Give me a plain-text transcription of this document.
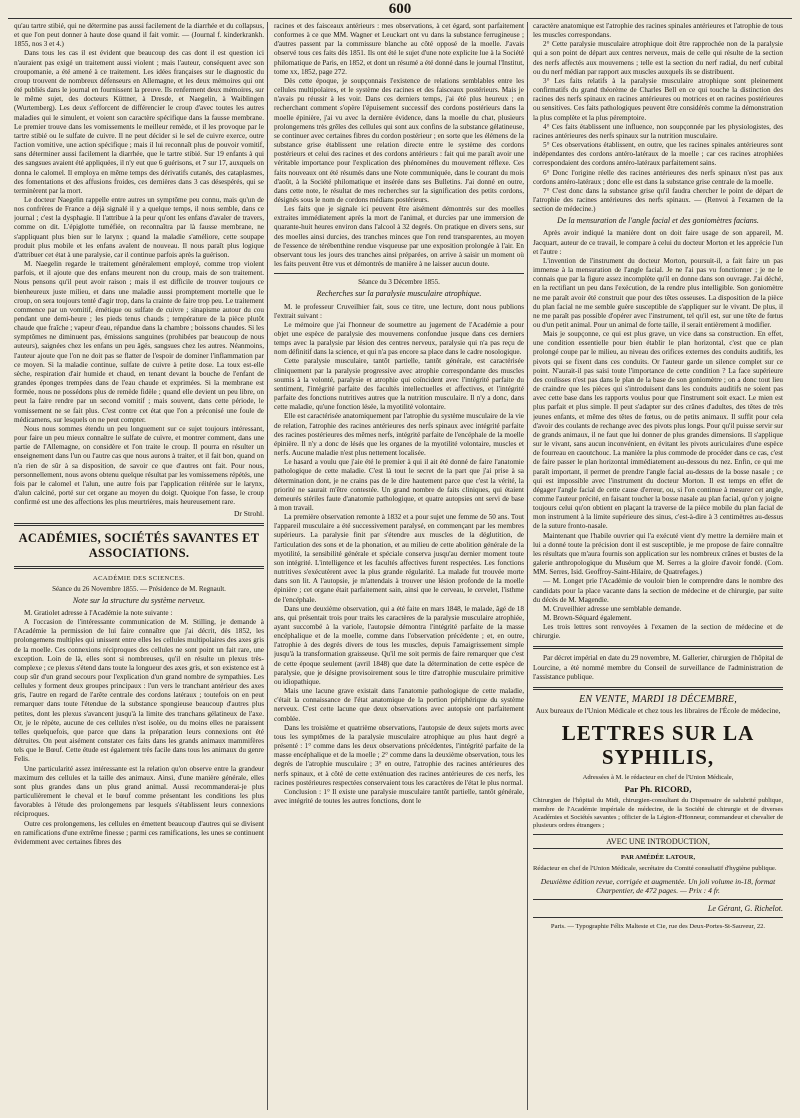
600

qu'au tartre stibié, qui ne détermine pas aussi facilement de la diarrhée et du collapsus, et que l'on peut donner à haute dose quand il fait vomir. — (Journal f. kinderkrankh. 1855, nos 3 et 4.)

Dans tous les cas il est évident que beaucoup des cas dont il est question ici n'auraient pas exigé un traitement aussi violent ; mais l'auteur, conséquent avec son croupomanie, a été amené à ce traitement. Les idées françaises sur le diagnostic du croup trouvent de nombreux défenseurs en Allemagne, et les deux mémoires qui ont été publiés dans le journal en fournissent la preuve. Ils renferment deux mémoires, sur le même sujet, des docteurs Küttner, à Dresde, et Naegelin, à Waiblingen (Wurtemberg). Les deux s'efforcent de différencier le croup d'avec toutes les autres maladies qui le simulent, et voient son caractère spécifique dans la fausse membrane. Le premier trouve dans les vomissements le meilleur remède, et il les provoque par le tartre stibié ou le sulfate de cuivre. Il ne peut décider si le sel de cuivre exerce, outre l'action vomitive, une action spécifique ; mais il lui reconnaît plus de pouvoir vomitif, sans déterminer aussi facilement la diarrhée, que le tartre stibié. Sur 19 enfants à qui des sangsues avaient été appliquées, il n'y eut que 6 guérisons, et 7 sur 17, auxquels on donna le calomel. Il employa en même temps des dérivatifs cutanés, des cataplasmes, des fomentations et des affusions froides, ces dernières dans 3 cas désespérés, qui se terminèrent par la mort.

Le docteur Naegelin rappelle entre autres un symptôme peu connu, mais qu'un de nos confrères de France a déjà signalé il y a quelque temps, il nous semble, dans ce journal ; c'est la dysphagie. Il l'attribue à la peur qu'ont les enfans d'avaler de travers, comme on dit. L'épiglotte tuméfiée, on reconnaîtra par là fausse membrane, ne s'appliquant plus bien sur le larynx ; quand la maladie s'améliore, cette soupape produit plus mobile et les enfans avalent de nouveau. Il nous paraît plus logique d'attribuer cet état à une paralysie, car il continue parfois après la guérison.

M. Naegelin regarde le traitement généralement employé, comme trop violent parfois, et il ajoute que des enfans meurent non du croup, mais de son traitement. Nous pensons qu'il peut avoir raison ; mais il est difficile de trouver toujours ce bienheureux juste milieu, et dans une maladie aussi promptement mortelle que le croup, on sera toujours tenté d'agir trop, dans la crainte de faire trop peu. Le traitement commence par un vomitif, émétique ou sulfate de cuivre ; sinapisme autour du cou pendant une demi-heure ; les pieds tenus chauds ; température de la pièce plutôt chaude que fraîche ; vapeur d'eau, répandue dans la chambre ; boissons chaudes. Si les symptômes ne diminuent pas, émissions sanguines (prohibées par beaucoup de nous auteurs), saignées chez les enfans un peu âgés, sangsues chez les autres. Néanmoins, l'auteur ajoute que l'on ne doit pas se flatter de l'espoir de dominer l'inflammation par ce moyen. Si la maladie continue, sulfate de cuivre à petite dose. La toux est-elle sèche, respiration d'air humide et chaud, en tenant devant la bouche de l'enfant de grandes éponges trempées dans de l'eau chaude et exprimées. Si la membrane est formée, nous ne possédons plus de remède fidèle ; quand elle devient un peu libre, on peut la faire rendre par un second vomitif ; mais souvent, dans cette période, le vomissement ne se fait plus. C'est contre cet état que l'on a préconisé une foule de médicamens, sur lesquels on ne peut compter.

Nous nous sommes étendu un peu longuement sur ce sujet toujours intéressant, pour faire un peu mieux connaître le sulfate de cuivre, et montrer comment, dans une partie de l'Allemagne, on considère et l'on traite le croup. Il pourra en résulter un enseignement dans l'un ou l'autre cas que nous aurons à traiter, et il fait bon, quand on n'a rien de sûr à sa disposition, de savoir ce que d'autres ont fait. Pour nous, personnellement, nous avons obtenu quelque résultat par les vomissemens répétés, une fois par le calomel et l'alun, une autre fois par l'application réitérée sur le larynx, d'alun calciné, porté sur cet organe au moyen du doigt. Quoique l'on fasse, le croup confirmé est une des affections les plus meurtrières, mais heureusement rare.

Dr Strohl.
ACADÉMIES, SOCIÉTÉS SAVANTES ET ASSOCIATIONS.
ACADÉMIE DES SCIENCES.
Séance du 26 Novembre 1855. — Présidence de M. Regnault.
Note sur la structure du système nerveux.

M. Gratiolet adresse à l'Académie la note suivante :

A l'occasion de l'intéressante communication de M. Stilling, je demande à l'Académie la permission de lui faire connaître que j'ai décrit, dès 1852, les prolongemens multiples qui unissent entre elles les cellules multipolaires des axes gris de la moelle. Ces connexions réciproques des cellules ne sont point un fait rare, une exception. Loin de là, elles sont si nombreuses, qu'il en résulte un plexus très-complexe ; ce plexus s'étend dans toute la longueur des axes gris, et son existence est à coup sûr d'un grand secours pour l'explication d'un grand nombre de sympathies. Les cellules y forment deux groupes principaux : l'un vers le tranchant antérieur des axes gris, l'autre en regard de l'arête centrale des cordons latéraux ; toutefois on en peut remarquer dans toute l'étendue de la substance spongieuse beaucoup d'autres plus petites, dont les plexus s'avancent jusqu'à la limite des tranchans gélatineux de l'axe. Or, je le répète, aucune de ces cellules n'est isolée, ou du moins elles ne paraissent telles quelquefois, que parce que dans la préparation leurs connexions ont été détruites. On peut aisément constater ces faits dans les grands animaux mammifères tels que le Bœuf. Cette étude est également très facile dans tous les animaux du genre Felis.

Une particularité assez intéressante est la relation qu'on observe entre la grandeur maximum des cellules et la taille des animaux. Ainsi, d'une manière générale, elles sont plus grandes dans un plus grand animal. Aussi recommanderai-je plus particulièrement le cheval et le bœuf comme présentant les conditions les plus favorables à l'étude des prolongemens par lesquels s'établissent leurs connexions réciproques.

Outre ces prolongemens, les cellules en émettent beaucoup d'autres qui se divisent en ramifications d'une extrême finesse ; parmi ces ramifications, les unes se continuent évidemment avec certaines fibres des

racines et des faisceaux antérieurs : mes observations, à cet égard, sont parfaitement conformes à ce que MM. Wagner et Leuckart ont vu dans la substance ferrugineuse ; d'autres passent par la commissure blanche au côté opposé de la moelle. J'avais observé tous ces faits dès 1851. Ils ont été le sujet d'une note explicite lue à la Société philomatique de Paris, en 1852, et dont un résumé a été donné dans le journal l'Institut, tome xx, 1852, page 272.

Dès cette époque, je soupçonnais l'existence de relations semblables entre les cellules multipolaires, et le système des racines et des faisceaux postérieurs. Mais je n'avais pu réussir à les voir. Dans ces derniers temps, j'ai été plus heureux ; en recherchant comment s'opère l'épuisement successif des cordons postérieurs dans la moelle épinière, j'ai vu avec la dernière évidence, dans la moelle du chat, plusieurs prolongemens très grêles des cellules qui sont aux confins de la substance gélatineuse, se continuer avec certaines fibres du cordon postérieur ; en sorte que les élémens de la substance grise établissent une relation directe entre le système des cordons postérieurs et celui des racines et des cordons antérieurs : fait qui me paraît avoir une véritable importance pour l'explication des phénomènes du mouvement réflexe. Ces faits nouveaux ont été résumés dans une Note communiquée, dans le courant du mois d'août, à la Société philomatique et insérée dans ses Bulletins. J'ai donné en outre, dans cette note, le résultat de mes recherches sur la signification des petits cordons, désignés sous le nom de cordons médians postérieurs.

Les faits que je signale ici peuvent être aisément démontrés sur des moelles extraites immédiatement après la mort de l'animal, et durcies par une immersion de quarante-huit heures environ dans l'alcool à 32 degrés. On pratique en divers sens, sur des moelles ainsi durcies, des tranches minces que l'on rend transparentes, au moyen de l'essence de térébenthine rendue visqueuse par une exposition prolongée à l'air. En observant tous les jours des tranches ainsi préparées, on arrive à saisir un moment où les faits peuvent être vus et démontrés de manière à ne laisser aucun doute.

Séance du 3 Décembre 1855.
Recherches sur la paralysie musculaire atrophique.

M. le professeur Cruveilhier fait, sous ce titre, une lecture, dont nous publions l'extrait suivant :

Le mémoire que j'ai l'honneur de soumettre au jugement de l'Académie a pour objet une espèce de paralysie des mouvemens confondue jusque dans ces derniers temps avec la paralysie par lésion des centres nerveux, paralysie qui n'a pas reçu de nom définitif dans la science, et qui n'a pas encore sa place dans le cadre nosologique.

Cette paralysie musculaire, tantôt partielle, tantôt générale, est caractérisée cliniquement par la paralysie progressive avec atrophie correspondante des muscles soumis à la volonté, paralysie et atrophie qui coïncident avec l'intégrité parfaite du sentiment, l'intégrité parfaite des facultés intellectuelles et affectives, et l'intégrité parfaite des fonctions nutritives autres que la nutrition musculaire. Il n'y a donc, dans cette maladie, qu'une fonction lésée, la myotilité volontaire.

Elle est caractérisée anatomiquement par l'atrophie du système musculaire de la vie de relation, l'atrophie des racines antérieures des nerfs spinaux avec intégrité parfaite des racines postérieures des mêmes nerfs, intégrité parfaite de l'encéphale de la moelle épinière. Il n'y a donc de lésés que les organes de la myotilité volontaire, muscles et nerfs. Aucune maladie n'est plus nettement localisée.

Le hasard a voulu que j'aie été le premier à qui il ait été donné de faire l'anatomie pathologique de cette maladie. C'est là tout le secret de la part que j'ai prise à sa détermination dont, je ne crains pas de le dire hautement parce que c'est la vérité, la priorité ne saurait m'être contestée. Un grand nombre de faits cliniques, qui étaient demeurés stériles faute d'anatomie pathologique, et quatre autopsies ont servi de base à mon travail.

La première observation remonte à 1832 et a pour sujet une femme de 50 ans. Tout l'appareil musculaire a été successivement paralysé, en commençant par les membres supérieurs. La paralysie finit par s'étendre aux muscles de la déglutition, de l'articulation des sons et de la phonation, et au milieu de cette abolition générale de la myotilité, la sensibilité générale et spéciale conserva jusqu'au dernier moment toute son intégrité. L'intelligence et les facultés affectives furent respectées. Les fonctions nutritives s'exécutèrent avec la plus grande régularité. La malade fut trouvée morte dans son lit. A l'autopsie, je m'attendais à trouver une lésion profonde de la moelle épinière ; cet organe était parfaitement sain, ainsi que le cerveau, le cervelet, l'isthme de l'encéphale.

Dans une deuxième observation, qui a été faite en mars 1848, le malade, âgé de 18 ans, qui présentait trois pour traits les caractères de la paralysie musculaire atrophiée, ayant succombé à la variole, l'autopsie démontra l'intégrité parfaite de la masse encéphalique et de la moelle, comme dans l'observation précédente ; et, en outre, l'atrophie à des degrés divers de tous les muscles, depuis l'amaigrissement simple jusqu'à la transformation graisseuse. Qu'il me soit permis de faire remarquer que c'est de cette époque seulement (avril 1848) que date la détermination de cette espèce de paralysie, que je désigne provisoirement sous le titre d'atrophie musculaire primitive ou idiopathique.

Mais une lacune grave existait dans l'anatomie pathologique de cette maladie, c'était la connaissance de l'état anatomique de la portion périphérique du système nerveux. C'est cette lacune que deux observations avec autopsie ont parfaitement comblée.

Dans les troisième et quatrième observations, l'autopsie de deux sujets morts avec tous les symptômes de la paralysie musculaire atrophique au plus haut degré a présenté : 1° comme dans les deux observations précédentes, l'intégrité parfaite de la masse encéphalique et de la moelle ; 2° comme dans la deuxième observation, tous les degrés de l'atrophie musculaire ; 3° en outre, l'atrophie des racines antérieures des nerfs spinaux, et à côté de cette exténuation des racines antérieures de ces nerfs, les racines postérieures respectées conservaient tous les caractères de l'état le plus normal.

Conclusion : 1° Il existe une paralysie musculaire tantôt partielle, tantôt générale, avec intégrité de toutes les autres fonctions, dont le

caractère anatomique est l'atrophie des racines spinales antérieures et l'atrophie de tous les muscles correspondans.

2° Cette paralysie musculaire atrophique doit être rapprochée non de la paralysie qui a son point de départ aux centres nerveux, mais de celle qui résulte de la section des nerfs affectés aux mouvemens ; telle est la section du nerf radial, du nerf cubital ou du nerf médian par rapport aux muscles auxquels ils se distribuent.

3° Les faits relatifs à la paralysie musculaire atrophique sont pleinement confirmatifs du grand théorème de Charles Bell en ce qui touche la distinction des racines des nerfs spinaux en racines antérieures ou motrices et en racines postérieures ou sensitives. Ces faits pathologiques peuvent être considérés comme la démonstration la plus complète et la plus péremptoire.

4° Ces faits établissent une influence, non soupçonnée par les physiologistes, des racines antérieures des nerfs spinaux sur la nutrition musculaire.

5° Ces observations établissent, en outre, que les racines spinales antérieures sont indépendantes des cordons antéro-latéraux de la moelle ; car ces racines atrophiées correspondaient des cordons antéro-latéraux parfaitement sains.

6° Donc l'origine réelle des racines antérieures des nerfs spinaux n'est pas aux cordons antéro-latéraux ; donc elle est dans la substance grise centrale de la moelle.

7° C'est donc dans la substance grise qu'il faudra chercher le point de départ de l'atrophie des racines antérieures des nerfs spinaux. — (Renvoi à l'examen de la section de médecine.)

De la mensuration de l'angle facial et des goniomètres facians.

Après avoir indiqué la manière dont on doit faire usage de son appareil, M. Jacquart, auteur de ce travail, le compare à celui du docteur Morton et les apprécie l'un et l'autre :

L'invention de l'instrument du docteur Morton, poursuit-il, a fait faire un pas immense à la mensuration de l'angle facial. Je ne l'ai pas vu fonctionner ; je ne le connais que par la figure assez incomplète qu'il en donne dans son ouvrage. J'ai déché, en la rectifiant un peu dans l'exécution, de la rendre plus intelligible. Son goniomètre ne me paraît avoir été construit que pour des têtes osseuses. La disposition de la pièce du plan facial ne me semble guère susceptible de s'appliquer sur le vivant. De plus, il ne me paraît pas possible d'opérer avec l'instrument, tel qu'il est, sur une tête de fœtus ou d'un petit animal. Pour un animal de forte taille, il serait entièrement à modifier.

Mais je soupçonne, ce qui est plus grave, un vice dans sa construction. En effet, une condition essentielle pour bien établir le plan horizontal, c'est que ce plan prolongé coupe par le milieu, au niveau des orifices externes des conduits auditifs, les pivots qui se fixent dans ces conduits. Or l'auteur garde un silence complet sur ce point. N'aurait-il pas saisi toute l'importance de cette condition ? La face supérieure des coulisses n'est pas dans le plan de la base de son goniomètre ; on a donc tout lieu de craindre que les pièces qui s'introduisent dans les conduits auditifs ne soient pas avec cette base dans les rapports voulus pour que l'instrument soit exact. Le mien est plus parfait et plus simple. Il peut s'adapter sur des crânes d'adultes, des têtes de très jeunes enfants, et même des têtes de fœtus, ou de petits animaux. Il suffit pour cela d'avoir des coulants de rechange avec des pivots plus longs. Pour qu'il puisse servir sur de grands animaux, il ne faut que lui donner de plus grandes dimensions. Il s'applique sur le vivant, sans aucun inconvénient, en évitant les pivots auriculaires d'une espèce de fourreau en caoutchouc. La manière la plus commode de procéder dans ce cas, c'est de faire passer le plan horizontal immédiatement au-dessous du nez. Enfin, ce qui me paraît important, il permet de prendre l'angle facial au-dessus de la bosse nasale ; ce qui est impossible avec l'instrument du docteur Morton. Il est temps en effet de dégager l'angle facial de cette cause d'erreur, ou, si l'on continue à mesurer cet angle, comme l'auteur précité, en faisant toucher la bosse nasale au plan facial, qu'on y joigne toujours celui qu'on obtient en plaçant la traverse de la pièce mobile du plan facial de mon instrument à la limite supérieure des sinus, c'est-à-dire à 3 centimètres au-dessus de la suture fronto-nasale.

Maintenant que l'habile ouvrier qui l'a exécuté vient d'y mettre la dernière main et lui a donné toute la précision dont il est susceptible, je me propose de faire connaître les résultats que m'aura fournis son application sur les nombreux crânes et bustes de la galerie anthropologique du Muséum que M. Serres a la gloire d'avoir fondé. (Com. MM. Serres, Isid. Geoffroy-Saint-Hilaire, de Quatrefages.)

— M. Longet prie l'Académie de vouloir bien le comprendre dans le nombre des candidats pour la place vacante dans la section de médecine et de chirurgie, par suite du décès de M. Magendie.

M. Cruveilhier adresse une semblable demande.

M. Brown-Séquard également.

Les trois lettres sont renvoyées à l'examen de la section de médecine et de chirurgie.

Par décret impérial en date du 29 novembre, M. Gallerier, chirurgien de l'hôpital de Lourcine, a été nommé membre du Conseil de surveillance de l'administration de l'assistance publique.

EN VENTE, MARDI 18 DÉCEMBRE,
Aux bureaux de l'Union Médicale et chez tous les libraires de l'École de médecine,
LETTRES SUR LA SYPHILIS,
Adressées à M. le rédacteur en chef de l'Union Médicale,
Par Ph. RICORD,
Chirurgien de l'hôpital du Midi, chirurgien-consultant du Dispensaire de salubrité publique, membre de l'Académie impériale de médecine, de la Société de chirurgie et de diverses Académies et Sociétés savantes ; officier de la Légion-d'Honneur, commandeur et chevalier de plusieurs ordres étrangers ;
AVEC UNE INTRODUCTION,
PAR AMÉDÉE LATOUR,
Rédacteur en chef de l'Union Médicale, secrétaire du Comité consultatif d'hygiène publique.
Deuxième édition revue, corrigée et augmentée. Un joli volume in-18, format Charpentier, de 472 pages. — Prix : 4 fr.
Le Gérant, G. Richelot.
Paris. — Typographie Félix Malteste et Cie, rue des Deux-Portes-St-Sauveur, 22.
